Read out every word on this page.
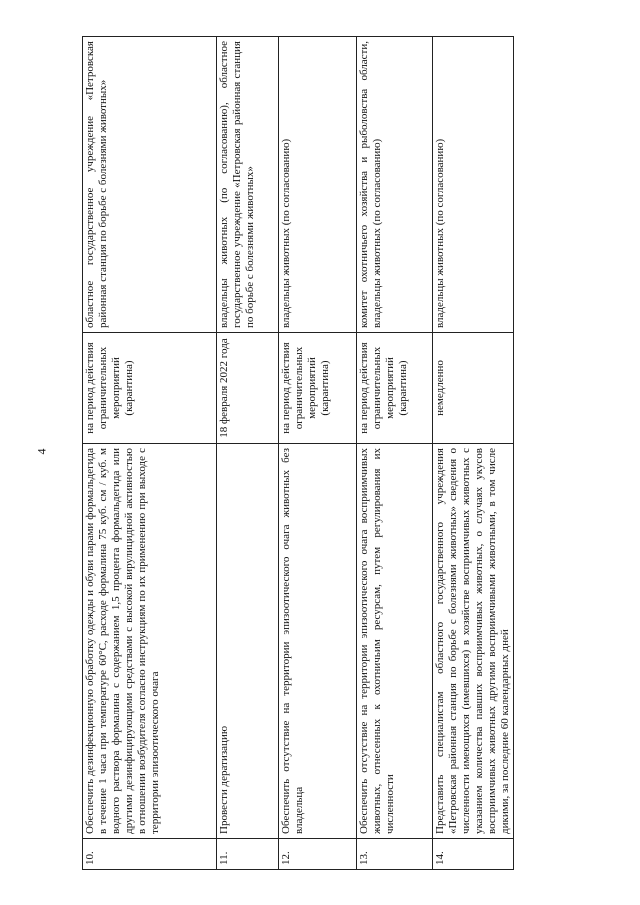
4
10.	Обеспечить дезинфекционную обработку одежды и обуви парами формальдегида в течение 1 часа при температуре 60°С, расходе формалина 75 куб. см / куб. м водного раствора формалина с содержанием 1,5 процента формальдегида или другими дезинфицирующими средствами с высокой вирулицидной активностью в отношении возбудителя согласно инструкциям по их применению при выходе с территории эпизоотического очага	на период действия ограничительных мероприятий (карантина)	областное государственное учреждение «Петровская районная станция по борьбе с болезнями животных»
11.	Провести дератизацию	18 февраля 2022 года	владельцы животных (по согласованию), областное государственное учреждение «Петровская районная станция по борьбе с болезнями животных»
12.	Обеспечить отсутствие на территории эпизоотического очага животных без владельца	на период действия ограничительных мероприятий (карантина)	владельцы животных (по согласованию)
13.	Обеспечить отсутствие на территории эпизоотического очага восприимчивых животных, отнесенных к охотничьим ресурсам, путем регулирования их численности	на период действия ограничительных мероприятий (карантина)	комитет охотничьего хозяйства и рыболовства области, владельцы животных (по согласованию)
14.	Представить специалистам областного государственного учреждения «Петровская районная станция по борьбе с болезнями животных» сведения о численности имеющихся (имевшихся) в хозяйстве восприимчивых животных с указанием количества павших восприимчивых животных, о случаях укусов восприимчивых животных другими восприимчивыми животными, в том числе дикими, за последние 60 календарных дней	немедленно	владельцы животных (по согласованию)
